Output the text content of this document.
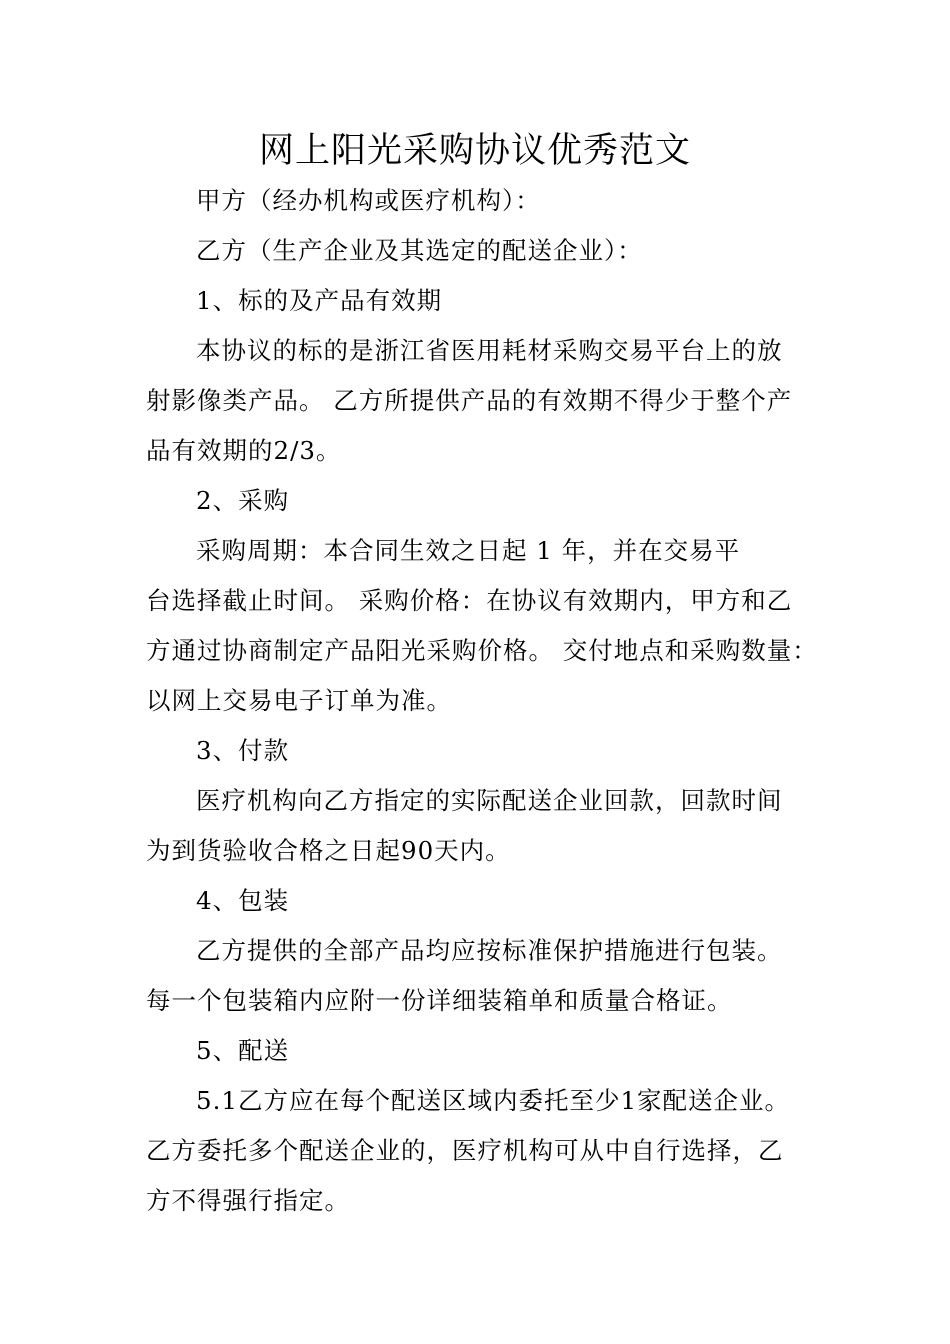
网上阳光采购协议优秀范文
甲方（经办机构或医疗机构）：
乙方（生产企业及其选定的配送企业）：
1、标的及产品有效期
本协议的标的是浙江省医用耗材采购交易平台上的放
射影像类产品。 乙方所提供产品的有效期不得少于整个产
品有效期的2/3。
2、采购
采购周期：本合同生效之日起 1 年，并在交易平
台选择截止时间。 采购价格：在协议有效期内，甲方和乙
方通过协商制定产品阳光采购价格。 交付地点和采购数量：
以网上交易电子订单为准。
3、付款
医疗机构向乙方指定的实际配送企业回款，回款时间
为到货验收合格之日起90天内。
4、包装
乙方提供的全部产品均应按标准保护措施进行包装。
每一个包装箱内应附一份详细装箱单和质量合格证。
5、配送
5.1乙方应在每个配送区域内委托至少1家配送企业。
乙方委托多个配送企业的，医疗机构可从中自行选择，乙
方不得强行指定。
